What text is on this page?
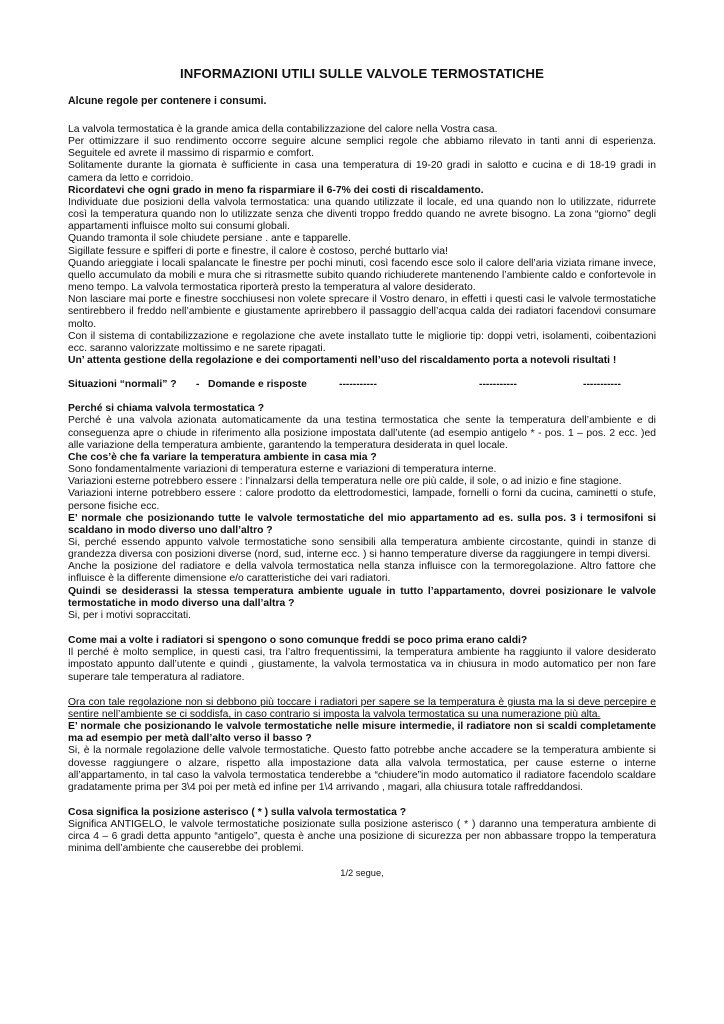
INFORMAZIONI UTILI SULLE VALVOLE TERMOSTATICHE
Alcune regole per contenere i consumi.

La valvola termostatica è la grande amica della contabilizzazione del calore nella Vostra casa.

Per ottimizzare il suo rendimento occorre seguire alcune semplici regole che abbiamo rilevato in tanti anni di esperienza. Seguitele ed avrete il massimo di risparmio e comfort.

Solitamente durante la giornata è sufficiente in casa una temperatura di 19-20 gradi in salotto e cucina e di 18-19 gradi in camera da letto e corridoio.

Ricordatevi che ogni grado in meno fa risparmiare il 6-7% dei costi di riscaldamento.

Individuate due posizioni della valvola termostatica: una quando utilizzate il locale, ed una quando non lo utilizzate, ridurrete così la temperatura quando non lo utilizzate senza che diventi troppo freddo quando ne avrete bisogno. La zona “giorno” degli appartamenti influisce molto sui consumi globali.

Quando tramonta il sole chiudete persiane . ante e tapparelle.

Sigillate fessure e spifferi di porte e finestre, il calore è costoso, perché buttarlo via!

Quando arieggiate i locali spalancate le finestre per pochi minuti, così facendo esce solo il calore dell’aria viziata rimane invece, quello accumulato da mobili e mura che si ritrasmette subito quando richiuderete mantenendo l’ambiente caldo e confortevole in meno tempo. La valvola termostatica riporterà presto la temperatura al valore desiderato.

Non lasciare mai porte e finestre socchiusesi non volete sprecare il Vostro denaro, in effetti i questi casi le valvole termostatiche sentirebbero il freddo nell’ambiente e giustamente aprirebbero il passaggio dell’acqua calda dei radiatori facendovi consumare molto.

Con il sistema di contabilizzazione e regolazione che avete installato tutte le migliorie tip: doppi vetri, isolamenti, coibentazioni ecc. saranno valorizzate moltissimo e ne sarete ripagati.

Un’ attenta gestione della regolazione e dei comportamenti nell’uso del riscaldamento porta a notevoli risultati !

Situazioni “normali” ?	- Domande e risposte	-----------	-----------	-----------

Perché si chiama valvola termostatica ?

Perché è una valvola azionata automaticamente da una testina termostatica che sente la temperatura dell’ambiente e di conseguenza apre o chiude in riferimento alla posizione impostata dall’utente (ad esempio antigelo * - pos. 1 – pos. 2 ecc. )ed alle variazione della temperatura ambiente, garantendo la temperatura desiderata in quel locale.

Che cos’è che fa variare la temperatura ambiente in casa mia ?

Sono fondamentalmente variazioni di temperatura esterne e variazioni di temperatura interne.

Variazioni esterne potrebbero essere : l’innalzarsi della temperatura nelle ore più calde, il sole, o ad inizio e fine stagione.

Variazioni interne potrebbero essere : calore prodotto da elettrodomestici, lampade, fornelli o forni da cucina, caminetti o stufe, persone fisiche ecc.

E’ normale che posizionando tutte le valvole termostatiche del mio appartamento ad es. sulla pos. 3 i termosifoni si scaldano in modo diverso uno dall’altro ?

Si, perché essendo appunto valvole termostatiche sono sensibili alla temperatura ambiente circostante, quindi in stanze di grandezza diversa con posizioni diverse (nord, sud, interne ecc. ) si hanno temperature diverse da raggiungere in tempi diversi.

Anche la posizione del radiatore e della valvola termostatica nella stanza influisce con la termoregolazione. Altro fattore che influisce è la differente dimensione e/o caratteristiche dei vari radiatori.

Quindi se desiderassi la stessa temperatura ambiente uguale in tutto l’appartamento, dovrei posizionare le valvole termostatiche in modo diverso una dall’altra ?

Si, per i motivi sopraccitati.

Come mai a volte i radiatori si spengono o sono comunque freddi se poco prima erano caldi?

Il perché è molto semplice, in questi casi, tra l’altro frequentissimi, la temperatura ambiente ha raggiunto il valore desiderato impostato appunto dall’utente e quindi , giustamente, la valvola termostatica va in chiusura in modo automatico per non fare superare tale temperatura al radiatore.

Ora con tale regolazione non si debbono più toccare i radiatori per sapere se la temperatura è giusta ma la si deve percepire e sentire nell’ambiente se ci soddisfa, in caso contrario si imposta la valvola termostatica su una numerazione più alta.

E’ normale che posizionando le valvole termostatiche nelle misure intermedie, il radiatore non si scaldi completamente ma ad esempio per metà dall’alto verso il basso ?

Si, è la normale regolazione delle valvole termostatiche. Questo fatto potrebbe anche accadere se la temperatura ambiente si dovesse raggiungere o alzare, rispetto alla impostazione data alla valvola termostatica, per cause esterne o interne all’appartamento, in tal caso la valvola termostatica tenderebbe a “chiudere”in modo automatico il radiatore facendolo scaldare gradatamente prima per 3\4 poi per metà ed infine per 1\4 arrivando , magari, alla chiusura totale raffreddandosi.

Cosa significa la posizione asterisco ( * ) sulla valvola termostatica ?

Significa ANTIGELO, le valvole termostatiche posizionate sulla posizione asterisco ( * ) daranno una temperatura ambiente di circa 4 – 6 gradi detta appunto “antigelo”, questa è anche una posizione di sicurezza per non abbassare troppo la temperatura minima dell’ambiente che causerebbe dei problemi.

1/2 segue,
